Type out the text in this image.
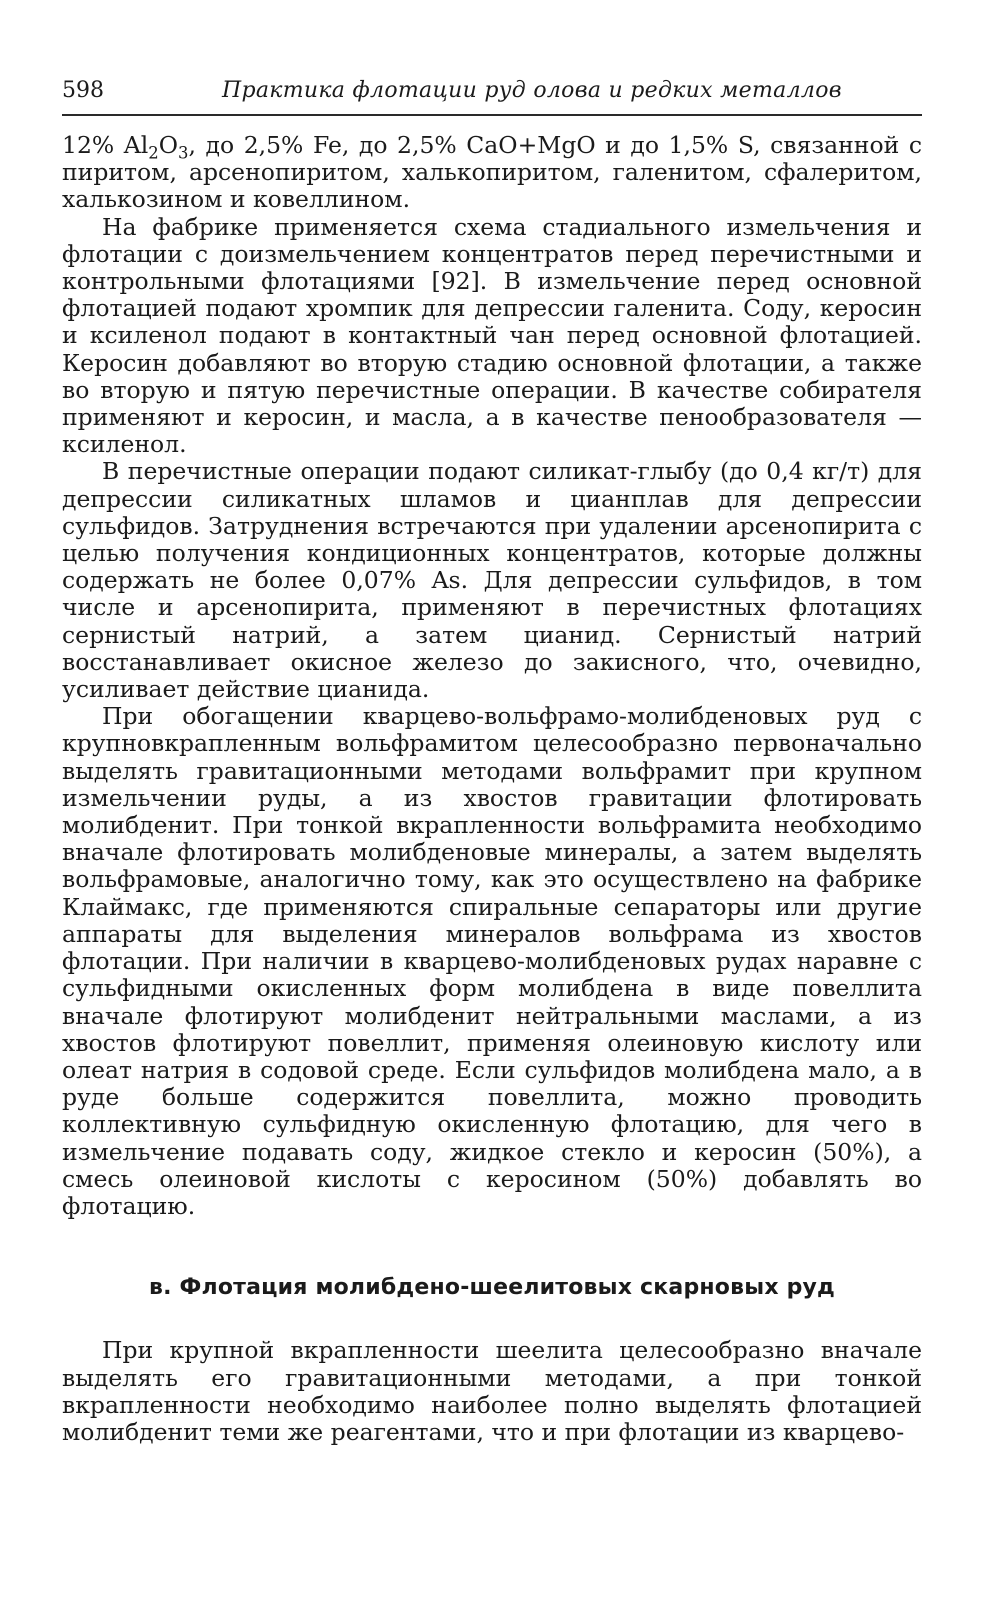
598	Практика флотации руд олова и редких металлов

12% $Al_2O_3$, до 2,5% Fe, до 2,5% CaO+MgO и до 1,5% S, связанной с пиритом, арсенопиритом, халькопиритом, галенитом, сфалеритом, халькозином и ковеллином.

На фабрике применяется схема стадиального измельчения и флотации с доизмельчением концентратов перед перечистными и контрольными флотациями [92]. В измельчение перед основной флотацией подают хромпик для депрессии галенита. Соду, керосин и ксиленол подают в контактный чан перед основной флотацией. Керосин добавляют во вторую стадию основной флотации, а также во вторую и пятую перечистные операции. В качестве собирателя применяют и керосин, и масла, а в качестве пенообразователя — ксиленол.

В перечистные операции подают силикат-глыбу (до 0,4 кг/т) для депрессии силикатных шламов и цианплав для депрессии сульфидов. Затруднения встречаются при удалении арсенопирита с целью получения кондиционных концентратов, которые должны содержать не более 0,07% As. Для депрессии сульфидов, в том числе и арсенопирита, применяют в перечистных флотациях сернистый натрий, а затем цианид. Сернистый натрий восстанавливает окисное железо до закисного, что, очевидно, усиливает действие цианида.

При обогащении кварцево-вольфрамо-молибденовых руд с крупновкрапленным вольфрамитом целесообразно первоначально выделять гравитационными методами вольфрамит при крупном измельчении руды, а из хвостов гравитации флотировать молибденит. При тонкой вкрапленности вольфрамита необходимо вначале флотировать молибденовые минералы, а затем выделять вольфрамовые, аналогично тому, как это осуществлено на фабрике Клаймакс, где применяются спиральные сепараторы или другие аппараты для выделения минералов вольфрама из хвостов флотации. При наличии в кварцево-молибденовых рудах наравне с сульфидными окисленных форм молибдена в виде повеллита вначале флотируют молибденит нейтральными маслами, а из хвостов флотируют повеллит, применяя олеиновую кислоту или олеат натрия в содовой среде. Если сульфидов молибдена мало, а в руде больше содержится повеллита, можно проводить коллективную сульфидную окисленную флотацию, для чего в измельчение подавать соду, жидкое стекло и керосин (50%), а смесь олеиновой кислоты с керосином (50%) добавлять во флотацию.

в. Флотация молибдено-шеелитовых скарновых руд

При крупной вкрапленности шеелита целесообразно вначале выделять его гравитационными методами, а при тонкой вкрапленности необходимо наиболее полно выделять флотацией молибденит теми же реагентами, что и при флотации из кварцево-
